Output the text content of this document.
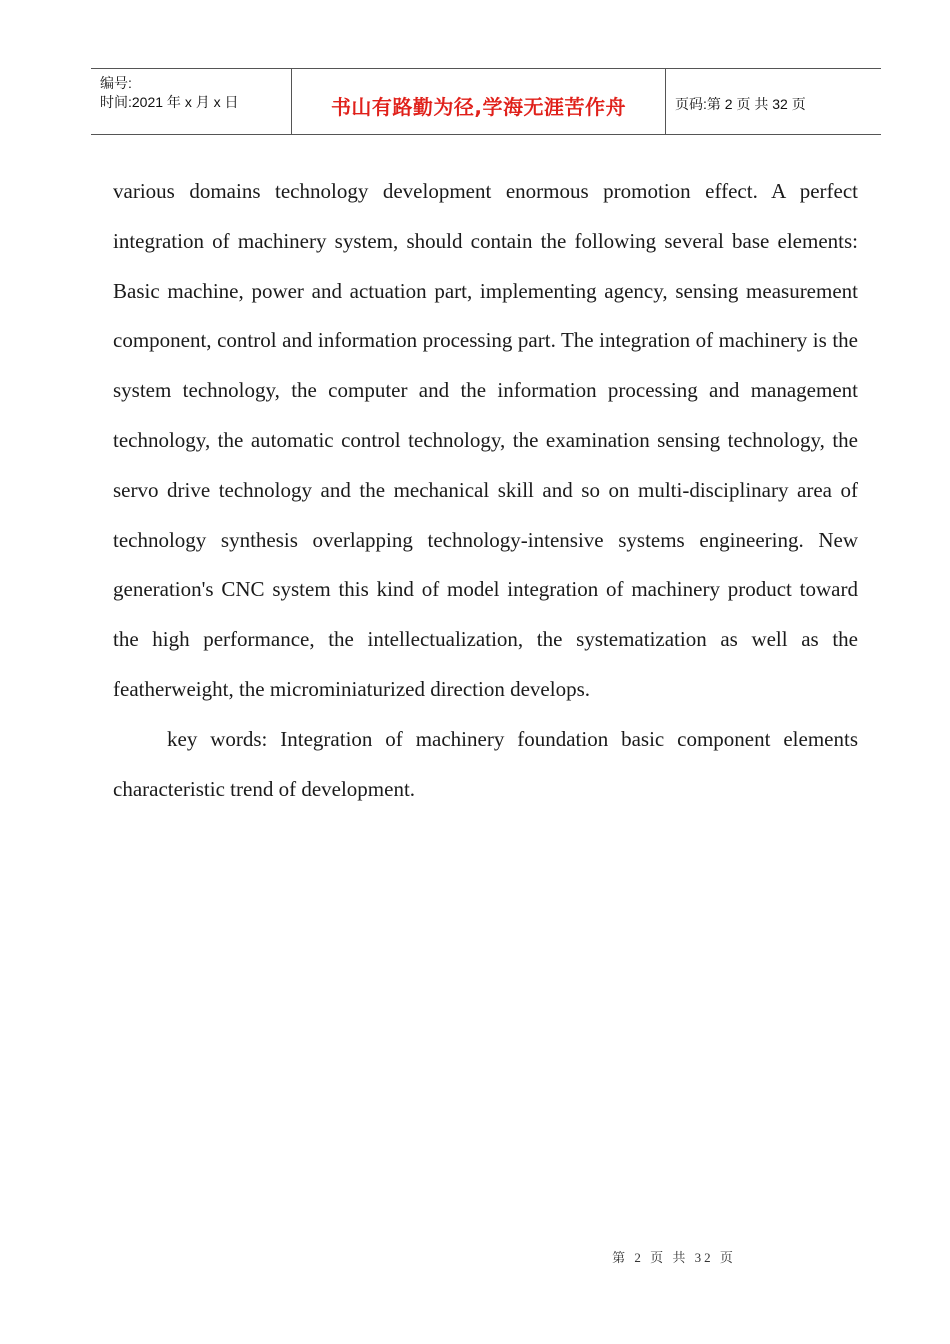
编号:
时间:2021 年 x 月 x 日	书山有路勤为径,学海无涯苦作舟	页码:第 2 页 共 32 页

various domains technology development enormous promotion effect. A perfect integration of machinery system, should contain the following several base elements: Basic machine, power and actuation part, implementing agency, sensing measurement component, control and information processing part. The integration of machinery is the system technology, the computer and the information processing and management technology, the automatic control technology, the examination sensing technology, the servo drive technology and the mechanical skill and so on multi-disciplinary area of technology synthesis overlapping technology-intensive systems engineering. New generation's CNC system this kind of model integration of machinery product toward the high performance, the intellectualization, the systematization as well as the featherweight, the microminiaturized direction develops.

key words: Integration of machinery foundation basic component elements characteristic trend of development.

第 2 页 共 32 页
